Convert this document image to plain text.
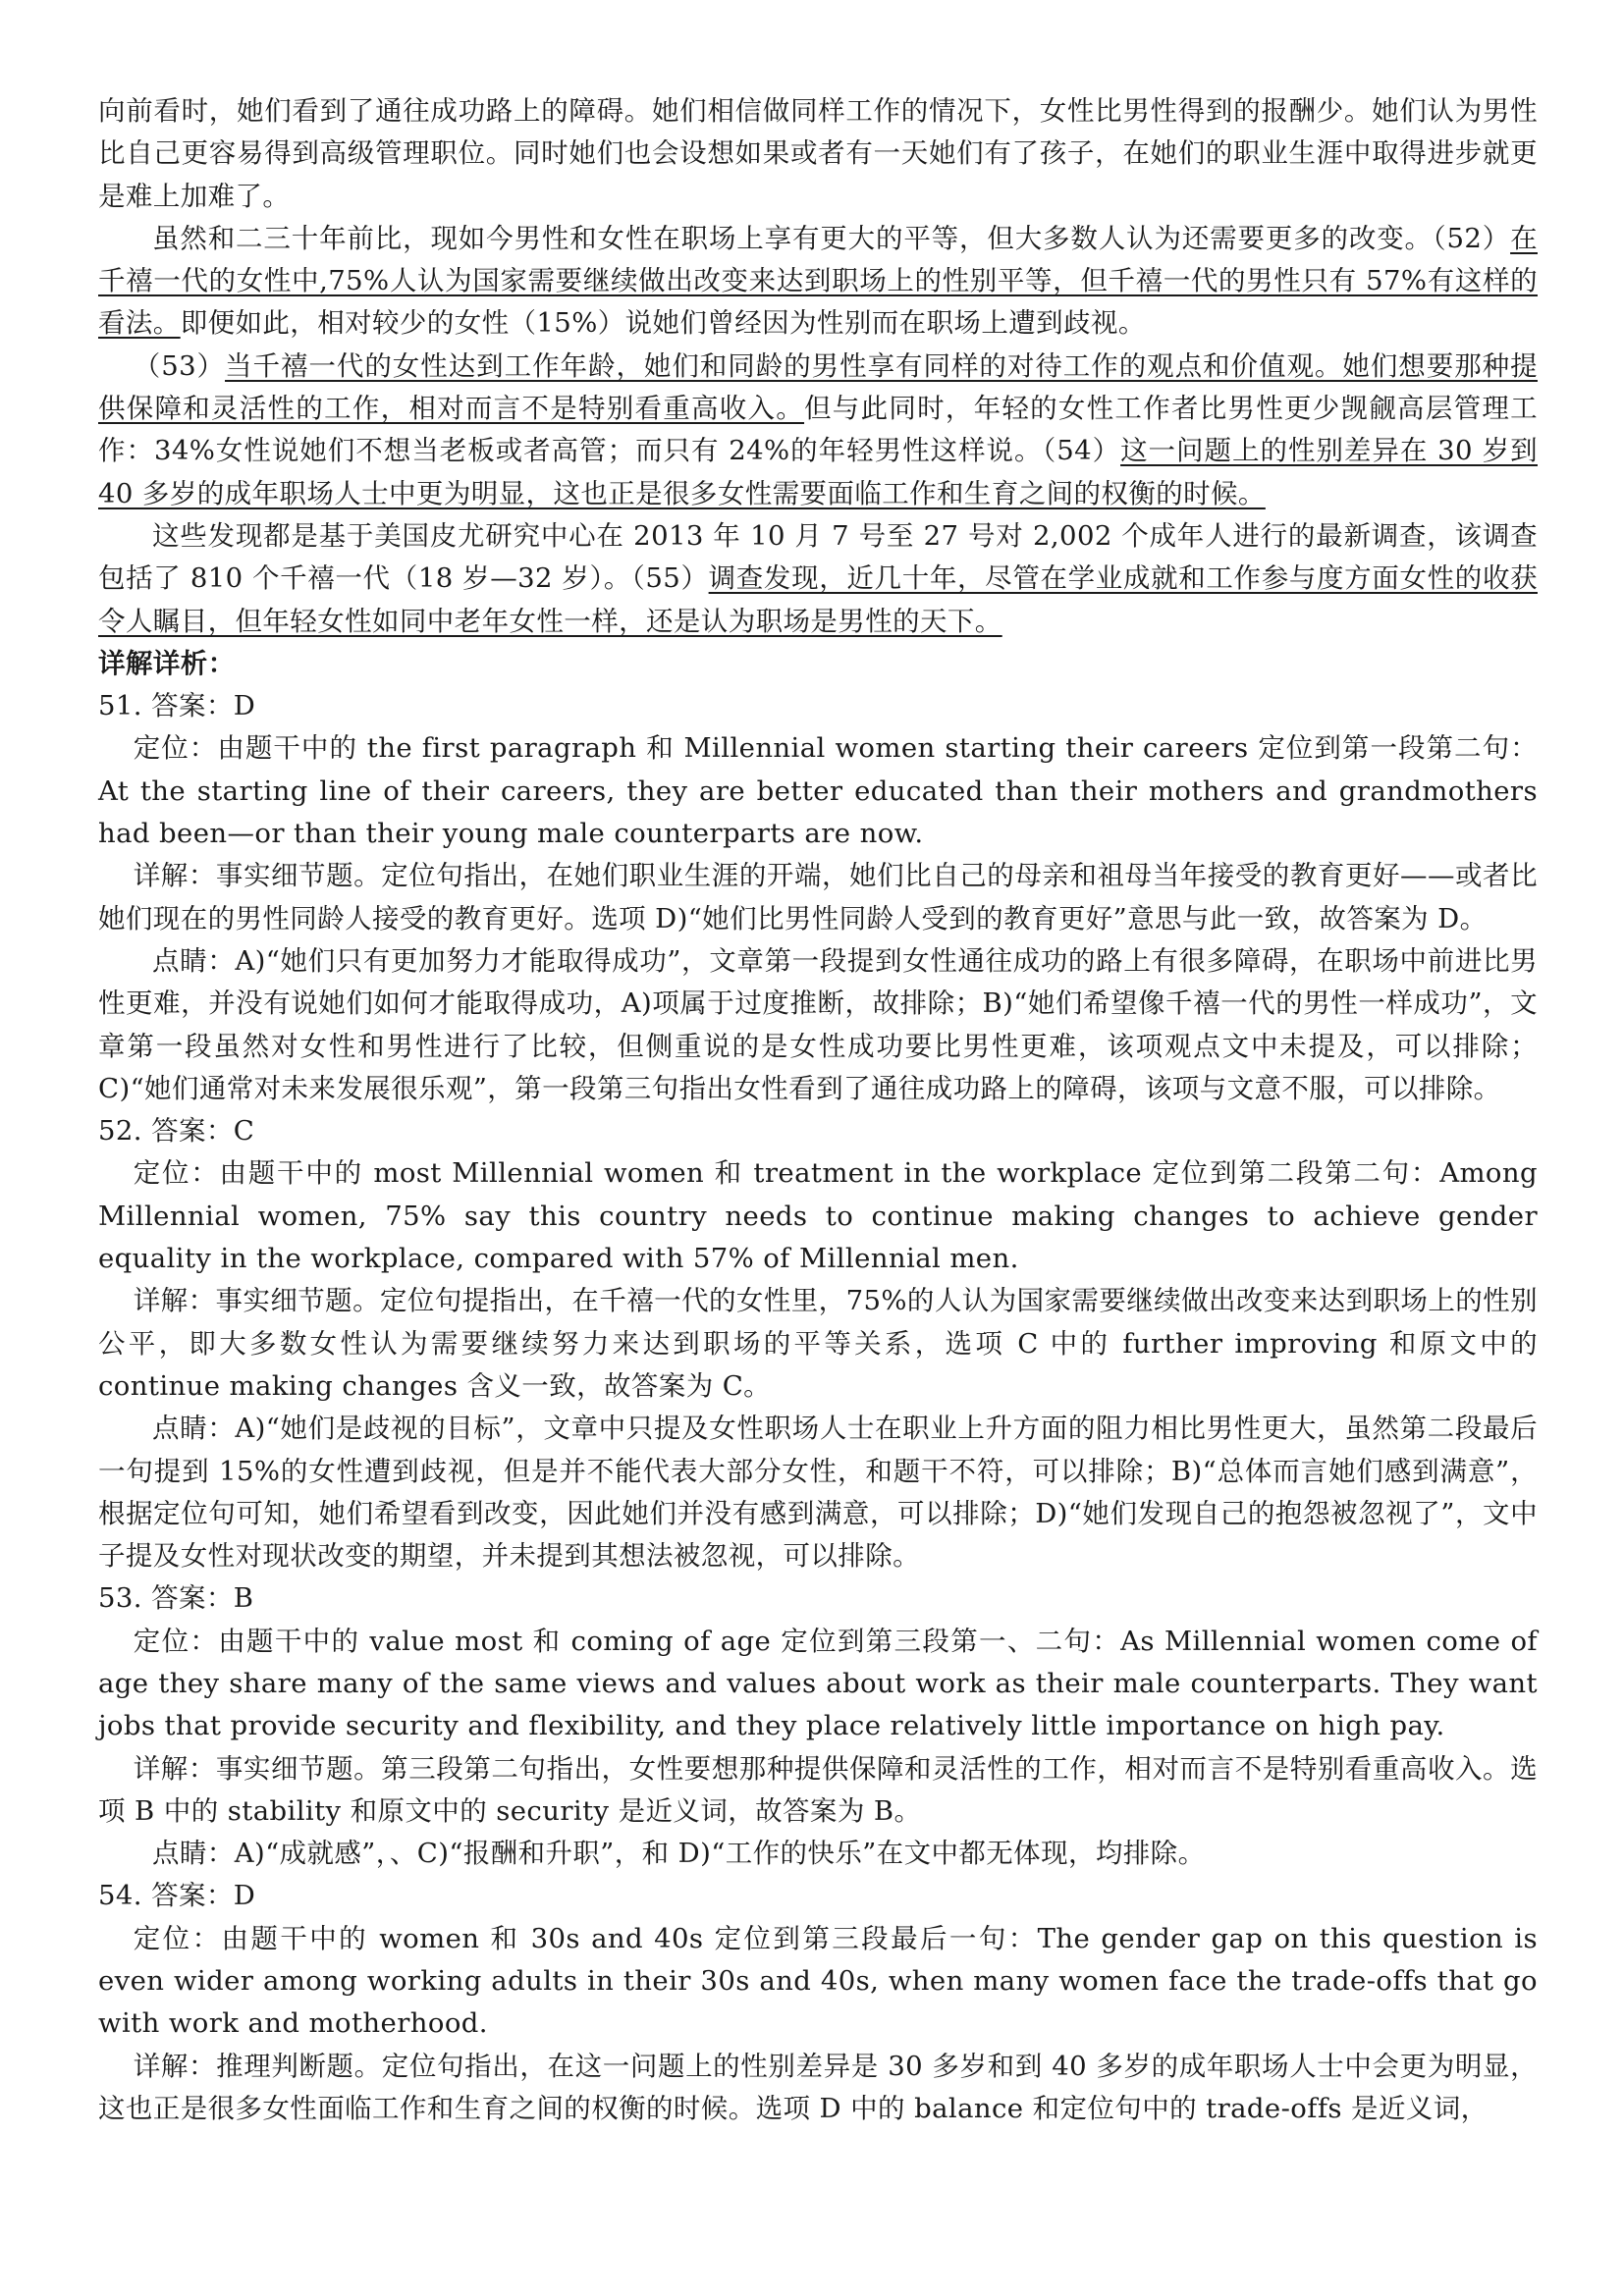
向前看时，她们看到了通往成功路上的障碍。她们相信做同样工作的情况下，女性比男性得到的报酬少。她们认为男性比自己更容易得到高级管理职位。同时她们也会设想如果或者有一天她们有了孩子，在她们的职业生涯中取得进步就更是难上加难了。

虽然和二三十年前比，现如今男性和女性在职场上享有更大的平等，但大多数人认为还需要更多的改变。（52）在千禧一代的女性中,75%人认为国家需要继续做出改变来达到职场上的性别平等，但千禧一代的男性只有 57%有这样的看法。即便如此，相对较少的女性（15%）说她们曾经因为性别而在职场上遭到歧视。

（53）当千禧一代的女性达到工作年龄，她们和同龄的男性享有同样的对待工作的观点和价值观。她们想要那种提供保障和灵活性的工作，相对而言不是特别看重高收入。但与此同时，年轻的女性工作者比男性更少觊觎高层管理工作：34%女性说她们不想当老板或者高管；而只有 24%的年轻男性这样说。（54）这一问题上的性别差异在 30 岁到 40 多岁的成年职场人士中更为明显，这也正是很多女性需要面临工作和生育之间的权衡的时候。

这些发现都是基于美国皮尤研究中心在 2013 年 10 月 7 号至 27 号对 2,002 个成年人进行的最新调查，该调查包括了 810 个千禧一代（18 岁—32 岁）。（55）调查发现，近几十年，尽管在学业成就和工作参与度方面女性的收获令人瞩目，但年轻女性如同中老年女性一样，还是认为职场是男性的天下。

详解详析：

51. 答案：D

定位：由题干中的 the first paragraph 和 Millennial women starting their careers 定位到第一段第二句：At the starting line of their careers, they are better educated than their mothers and grandmothers had been—or than their young male counterparts are now.

详解：事实细节题。定位句指出，在她们职业生涯的开端，她们比自己的母亲和祖母当年接受的教育更好——或者比她们现在的男性同龄人接受的教育更好。选项 D)“她们比男性同龄人受到的教育更好”意思与此一致，故答案为 D。

点睛：A)“她们只有更加努力才能取得成功”，文章第一段提到女性通往成功的路上有很多障碍，在职场中前进比男性更难，并没有说她们如何才能取得成功，A)项属于过度推断，故排除；B)“她们希望像千禧一代的男性一样成功”，文章第一段虽然对女性和男性进行了比较，但侧重说的是女性成功要比男性更难，该项观点文中未提及，可以排除；C)“她们通常对未来发展很乐观”，第一段第三句指出女性看到了通往成功路上的障碍，该项与文意不服，可以排除。

52. 答案：C

定位：由题干中的 most Millennial women 和 treatment in the workplace 定位到第二段第二句：Among Millennial women, 75% say this country needs to continue making changes to achieve gender equality in the workplace, compared with 57% of Millennial men.

详解：事实细节题。定位句提指出，在千禧一代的女性里，75%的人认为国家需要继续做出改变来达到职场上的性别公平，即大多数女性认为需要继续努力来达到职场的平等关系，选项 C 中的 further improving 和原文中的 continue making changes 含义一致，故答案为 C。

点睛：A)“她们是歧视的目标”，文章中只提及女性职场人士在职业上升方面的阻力相比男性更大，虽然第二段最后一句提到 15%的女性遭到歧视，但是并不能代表大部分女性，和题干不符，可以排除；B)“总体而言她们感到满意”，根据定位句可知，她们希望看到改变，因此她们并没有感到满意，可以排除；D)“她们发现自己的抱怨被忽视了”，文中子提及女性对现状改变的期望，并未提到其想法被忽视，可以排除。

53. 答案：B

定位：由题干中的 value most 和 coming of age 定位到第三段第一、二句：As Millennial women come of age they share many of the same views and values about work as their male counterparts. They want jobs that provide security and flexibility, and they place relatively little importance on high pay.

详解：事实细节题。第三段第二句指出，女性要想那种提供保障和灵活性的工作，相对而言不是特别看重高收入。选项 B 中的 stability 和原文中的 security 是近义词，故答案为 B。

点睛：A)“成就感”，、C)“报酬和升职”，和 D)“工作的快乐”在文中都无体现，均排除。

54. 答案：D

定位：由题干中的 women 和 30s and 40s 定位到第三段最后一句：The gender gap on this question is even wider among working adults in their 30s and 40s, when many women face the trade-offs that go with work and motherhood.

详解：推理判断题。定位句指出，在这一问题上的性别差异是 30 多岁和到 40 多岁的成年职场人士中会更为明显，这也正是很多女性面临工作和生育之间的权衡的时候。选项 D 中的 balance 和定位句中的 trade-offs 是近义词，
